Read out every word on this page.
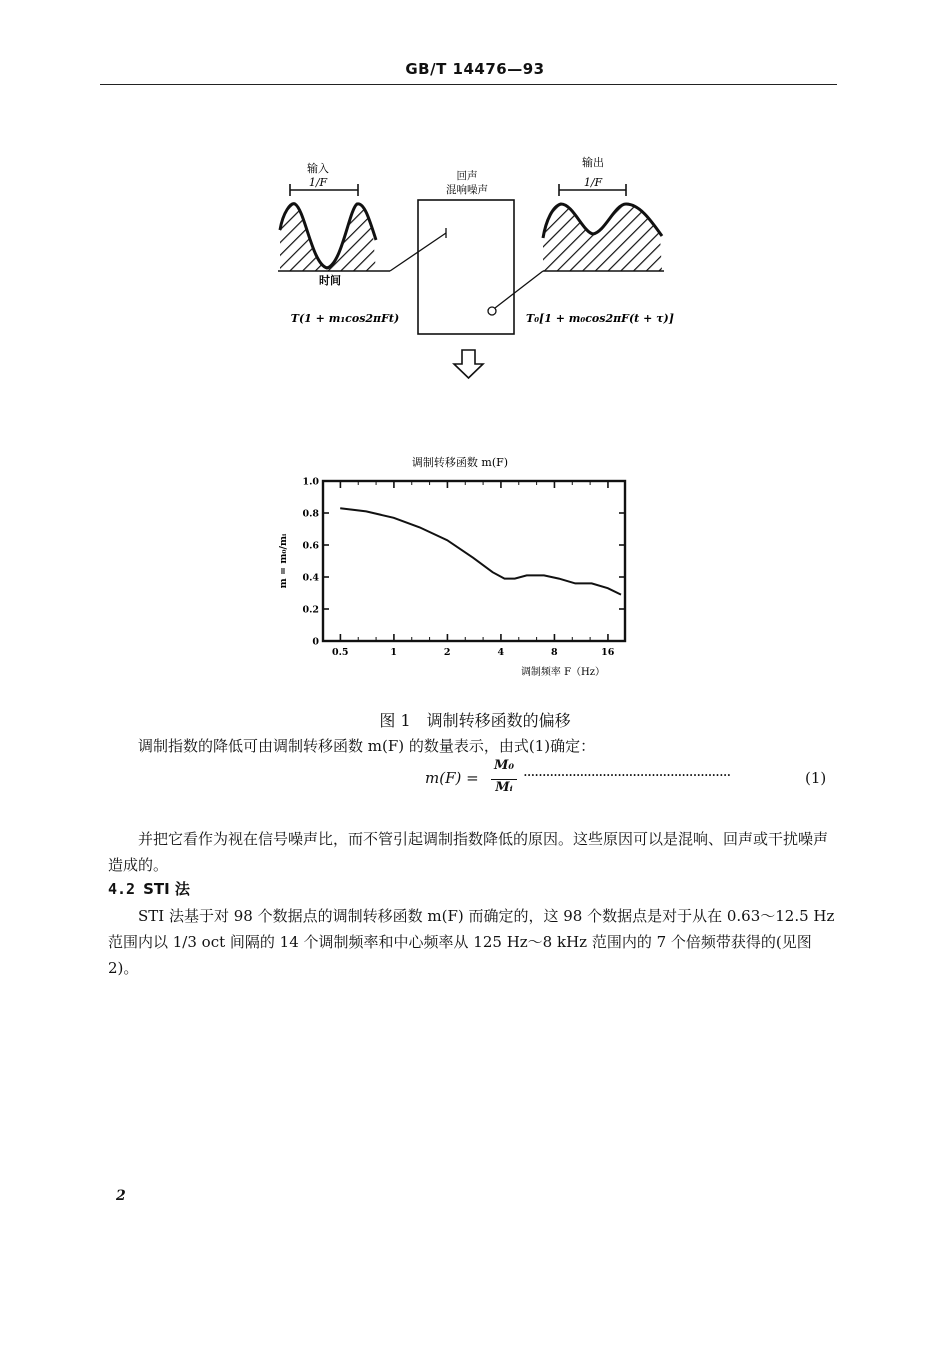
GB/T 14476—93
输入
1/F
时间
T(1 + m₁cos2πFt)
回声
混响噪声
输出
1/F
T₀[1 + m₀cos2πF(t + τ)]
调制转移函数 m(F)
1.0
0.8
0.6
0.4
0.2
0
0.5	1	2	4	8	16
m = m₀/mᵢ
调制频率 F（Hz）
图 1　调制转移函数的偏移
调制指数的降低可由调制转移函数 m(F) 的数量表示，由式(1)确定：
m(F) =
M₀
Mᵢ
·······················································	(1)
并把它看作为视在信号噪声比，而不管引起调制指数降低的原因。这些原因可以是混响、回声或干扰噪声造成的。
4.2 STI 法
STI 法基于对 98 个数据点的调制转移函数 m(F) 而确定的，这 98 个数据点是对于从在 0.63～12.5 Hz 范围内以 1/3 oct 间隔的 14 个调制频率和中心频率从 125 Hz～8 kHz 范围内的 7 个倍频带获得的(见图 2)。
2
